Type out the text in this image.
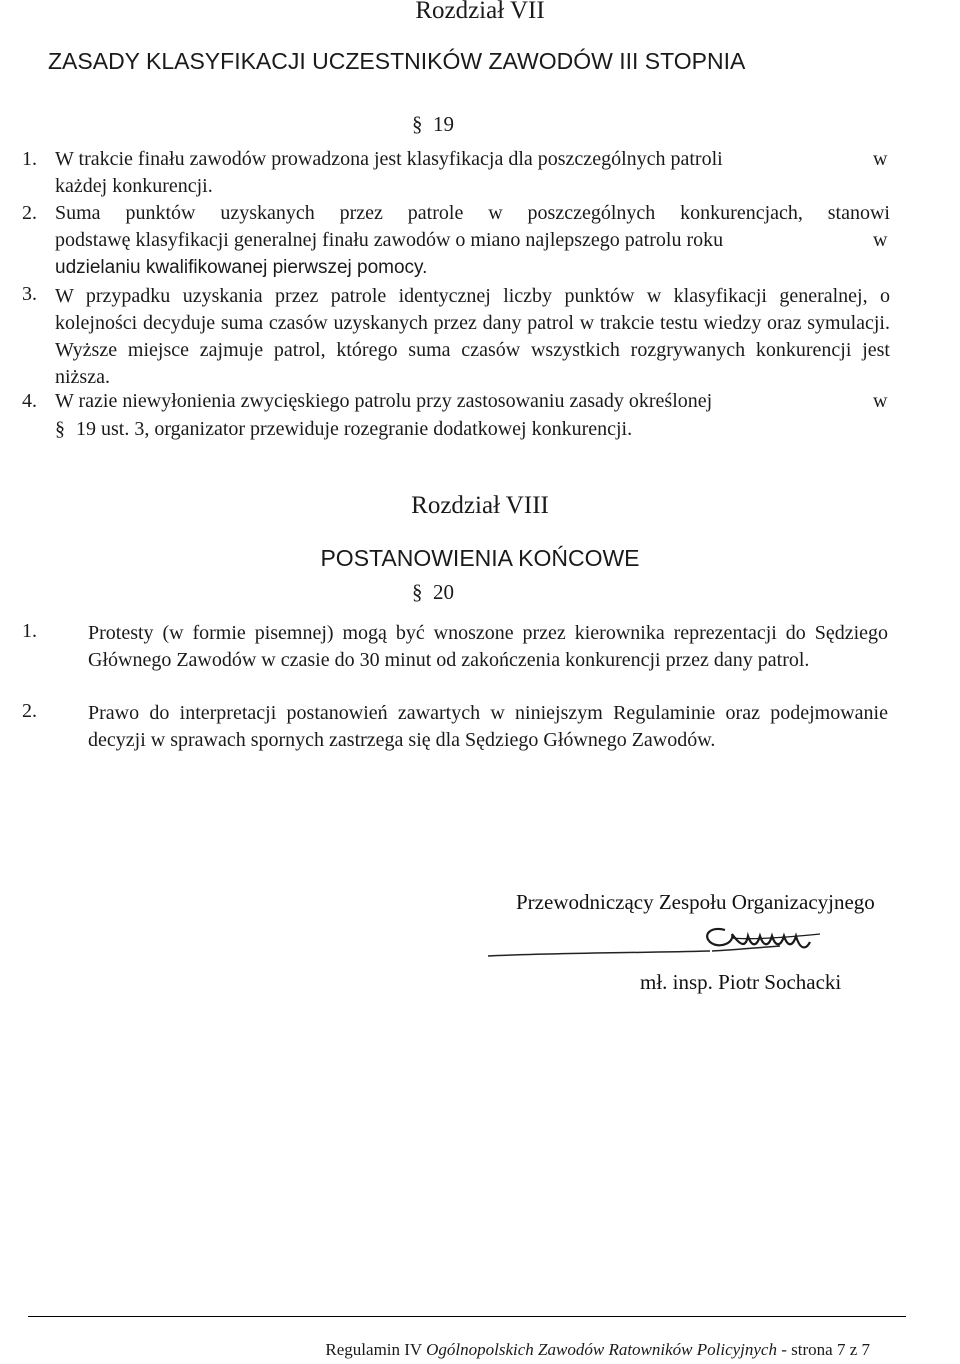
Rozdział VII
ZASADY KLASYFIKACJI UCZESTNIKÓW ZAWODÓW III STOPNIA
§ 19
1. W trakcie finału zawodów prowadzona jest klasyfikacja dla poszczególnych patroli	w
każdej konkurencji.
2. Suma punktów uzyskanych przez patrole w poszczególnych konkurencjach, stanowi
podstawę klasyfikacji generalnej finału zawodów o miano najlepszego patrolu roku	w
udzielaniu kwalifikowanej pierwszej pomocy.
3. W przypadku uzyskania przez patrole identycznej liczby punktów w klasyfikacji generalnej, o kolejności decyduje suma czasów uzyskanych przez dany patrol w trakcie testu wiedzy oraz symulacji. Wyższe miejsce zajmuje patrol, którego suma czasów wszystkich rozgrywanych konkurencji jest niższa.
4. W razie niewyłonienia zwycięskiego patrolu przy zastosowaniu zasady określonej	w
§ 19 ust. 3, organizator przewiduje rozegranie dodatkowej konkurencji.
Rozdział VIII
POSTANOWIENIA KOŃCOWE
§ 20
1.	Protesty (w formie pisemnej) mogą być wnoszone przez kierownika reprezentacji do Sędziego Głównego Zawodów w czasie do 30 minut od zakończenia konkurencji przez dany patrol.
2.	Prawo do interpretacji postanowień zawartych w niniejszym Regulaminie oraz podejmowanie decyzji w sprawach spornych zastrzega się dla Sędziego Głównego Zawodów.
Przewodniczący Zespołu Organizacyjnego
mł. insp. Piotr Sochacki
Regulamin IV Ogólnopolskich Zawodów Ratowników Policyjnych - strona 7 z 7
